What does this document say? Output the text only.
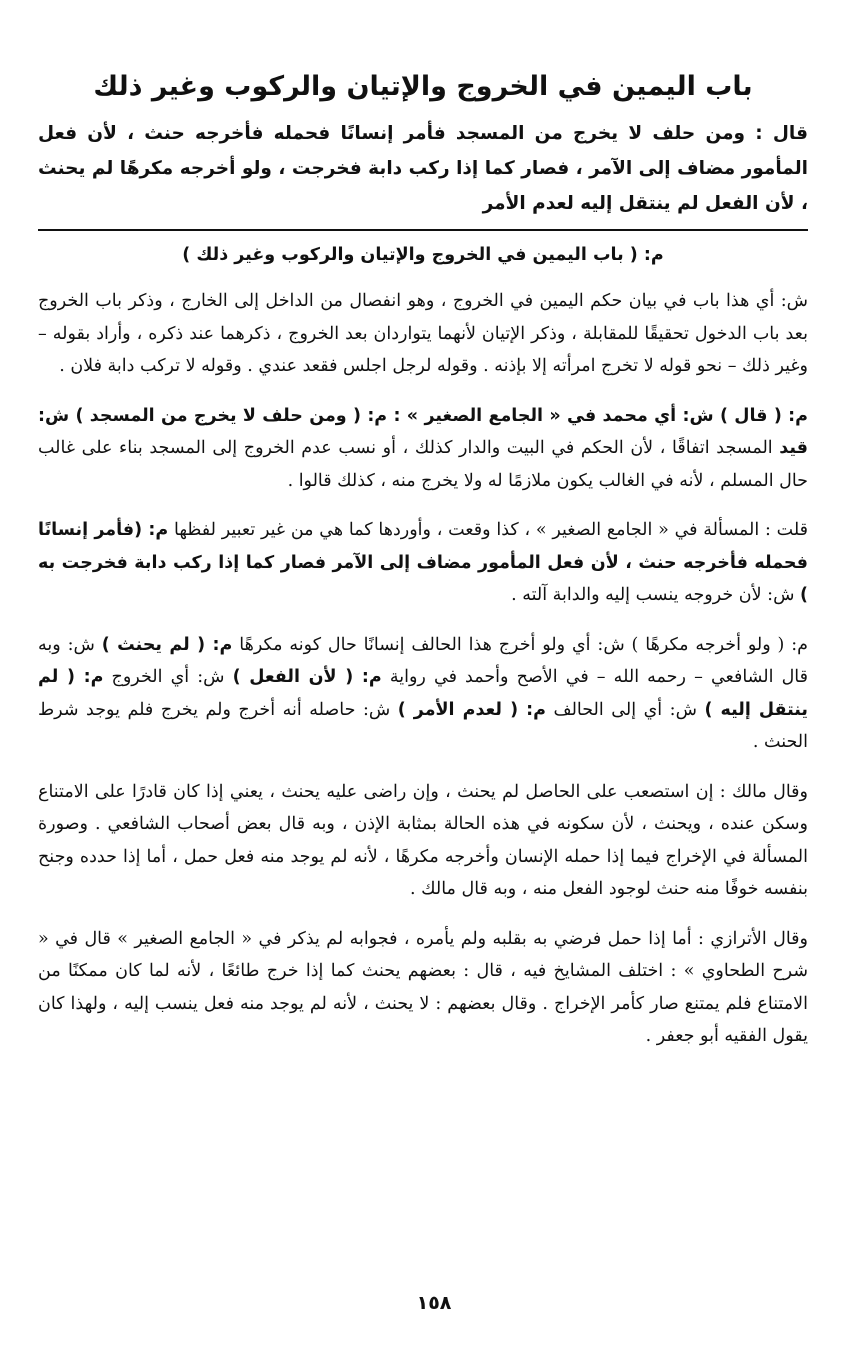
باب اليمين في الخروج والإتيان والركوب وغير ذلك

قال : ومن حلف لا يخرج من المسجد فأمر إنسانًا فحمله فأخرجه حنث ، لأن فعل المأمور مضاف إلى الآمر ، فصار كما إذا ركب دابة فخرجت ، ولو أخرجه مكرهًا لم يحنث ، لأن الفعل لم ينتقل إليه لعدم الأمر

م: ( باب اليمين في الخروج والإتيان والركوب وغير ذلك )

ش: أي هذا باب في بيان حكم اليمين في الخروج ، وهو انفصال من الداخل إلى الخارج ، وذكر باب الخروج بعد باب الدخول تحقيقًا للمقابلة ، وذكر الإتيان لأنهما يتواردان بعد الخروج ، ذكرهما عند ذكره ، وأراد بقوله – وغير ذلك – نحو قوله لا تخرج امرأته إلا بإذنه . وقوله لرجل اجلس فقعد عندي . وقوله لا تركب دابة فلان .

م: ( قال ) ش: أي محمد في « الجامع الصغير » : م: ( ومن حلف لا يخرج من المسجد ) ش: قيد المسجد اتفاقًا ، لأن الحكم في البيت والدار كذلك ، أو نسب عدم الخروج إلى المسجد بناء على غالب حال المسلم ، لأنه في الغالب يكون ملازمًا له ولا يخرج منه ، كذلك قالوا .

قلت : المسألة في « الجامع الصغير » ، كذا وقعت ، وأوردها كما هي من غير تعبير لفظها م: (فأمر إنسانًا فحمله فأخرجه حنث ، لأن فعل المأمور مضاف إلى الآمر فصار كما إذا ركب دابة فخرجت به ) ش: لأن خروجه ينسب إليه والدابة آلته .

م: ( ولو أخرجه مكرهًا ) ش: أي ولو أخرج هذا الحالف إنسانًا حال كونه مكرهًا م: ( لم يحنث ) ش: وبه قال الشافعي – رحمه الله – في الأصح وأحمد في رواية م: ( لأن الفعل ) ش: أي الخروج م: ( لم ينتقل إليه ) ش: أي إلى الحالف م: ( لعدم الأمر ) ش: حاصله أنه أخرج ولم يخرج فلم يوجد شرط الحنث .

وقال مالك : إن استصعب على الحاصل لم يحنث ، وإن راضى عليه يحنث ، يعني إذا كان قادرًا على الامتناع وسكن عنده ، ويحنث ، لأن سكونه في هذه الحالة بمثابة الإذن ، وبه قال بعض أصحاب الشافعي . وصورة المسألة في الإخراج فيما إذا حمله الإنسان وأخرجه مكرهًا ، لأنه لم يوجد منه فعل حمل ، أما إذا حدده وجنح بنفسه خوفًا منه حنث لوجود الفعل منه ، وبه قال مالك .

وقال الأترازي : أما إذا حمل فرضي به بقلبه ولم يأمره ، فجوابه لم يذكر في « الجامع الصغير » قال في « شرح الطحاوي » : اختلف المشايخ فيه ، قال : بعضهم يحنث كما إذا خرج طائعًا ، لأنه لما كان ممكنًا من الامتناع فلم يمتنع صار كأمر الإخراج . وقال بعضهم : لا يحنث ، لأنه لم يوجد منه فعل ينسب إليه ، ولهذا كان يقول الفقيه أبو جعفر .

١٥٨
